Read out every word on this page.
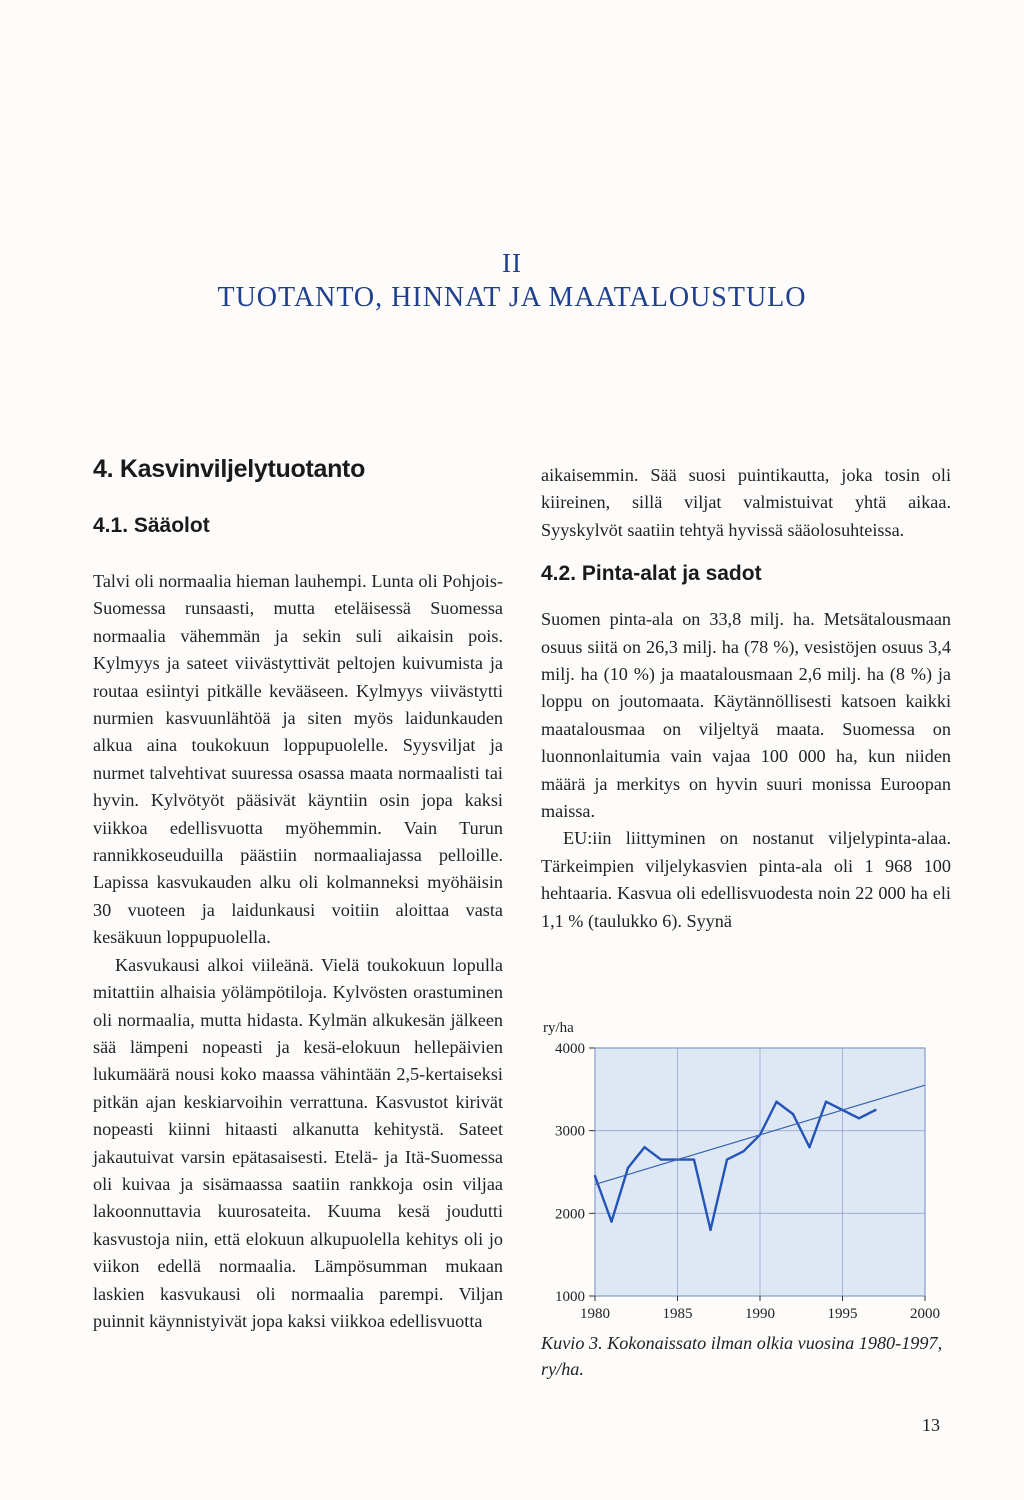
II
TUOTANTO, HINNAT JA MAATALOUSTULO
4. Kasvinviljelytuotanto
4.1. Sääolot

Talvi oli normaalia hieman lauhempi. Lunta oli Pohjois-Suomessa runsaasti, mutta eteläisessä Suomessa normaalia vähemmän ja sekin suli aikaisin pois. Kylmyys ja sateet viivästyttivät peltojen kuivumista ja routaa esiintyi pitkälle kevääseen. Kylmyys viivästytti nurmien kasvuunlähtöä ja siten myös laidunkauden alkua aina toukokuun loppupuolelle. Syysviljat ja nurmet talvehtivat suuressa osassa maata normaalisti tai hyvin. Kylvötyöt pääsivät käyntiin osin jopa kaksi viikkoa edellisvuotta myöhemmin. Vain Turun rannikkoseuduilla päästiin normaaliajassa pelloille. Lapissa kasvukauden alku oli kolmanneksi myöhäisin 30 vuoteen ja laidunkausi voitiin aloittaa vasta kesäkuun loppupuolella.

Kasvukausi alkoi viileänä. Vielä toukokuun lopulla mitattiin alhaisia yölämpötiloja. Kylvösten orastuminen oli normaalia, mutta hidasta. Kylmän alkukesän jälkeen sää lämpeni nopeasti ja kesä-elokuun hellepäivien lukumäärä nousi koko maassa vähintään 2,5-kertaiseksi pitkän ajan keskiarvoihin verrattuna. Kasvustot kirivät nopeasti kiinni hitaasti alkanutta kehitystä. Sateet jakautuivat varsin epätasaisesti. Etelä- ja Itä-Suomessa oli kuivaa ja sisämaassa saatiin rankkoja osin viljaa lakoonnuttavia kuurosateita. Kuuma kesä joudutti kasvustoja niin, että elokuun alkupuolella kehitys oli jo viikon edellä normaalia. Lämpösumman mukaan laskien kasvukausi oli normaalia parempi. Viljan puinnit käynnistyivät jopa kaksi viikkoa edellisvuotta

aikaisemmin. Sää suosi puintikautta, joka tosin oli kiireinen, sillä viljat valmistuivat yhtä aikaa. Syyskylvöt saatiin tehtyä hyvissä sääolosuhteissa.

4.2. Pinta-alat ja sadot

Suomen pinta-ala on 33,8 milj. ha. Metsätalousmaan osuus siitä on 26,3 milj. ha (78 %), vesistöjen osuus 3,4 milj. ha (10 %) ja maatalousmaan 2,6 milj. ha (8 %) ja loppu on joutomaata. Käytännöllisesti katsoen kaikki maatalousmaa on viljeltyä maata. Suomessa on luonnonlaitumia vain vajaa 100 000 ha, kun niiden määrä ja merkitys on hyvin suuri monissa Euroopan maissa.

EU:iin liittyminen on nostanut viljelypinta-alaa. Tärkeimpien viljelykasvien pinta-ala oli 1 968 100 hehtaaria. Kasvua oli edellisvuodesta noin 22 000 ha eli 1,1 % (taulukko 6). Syynä

ry/ha
1980	1985	1990	1995	2000
1000
2000
3000
4000
Kuvio 3. Kokonaissato ilman olkia vuosina 1980-1997, ry/ha.
13
